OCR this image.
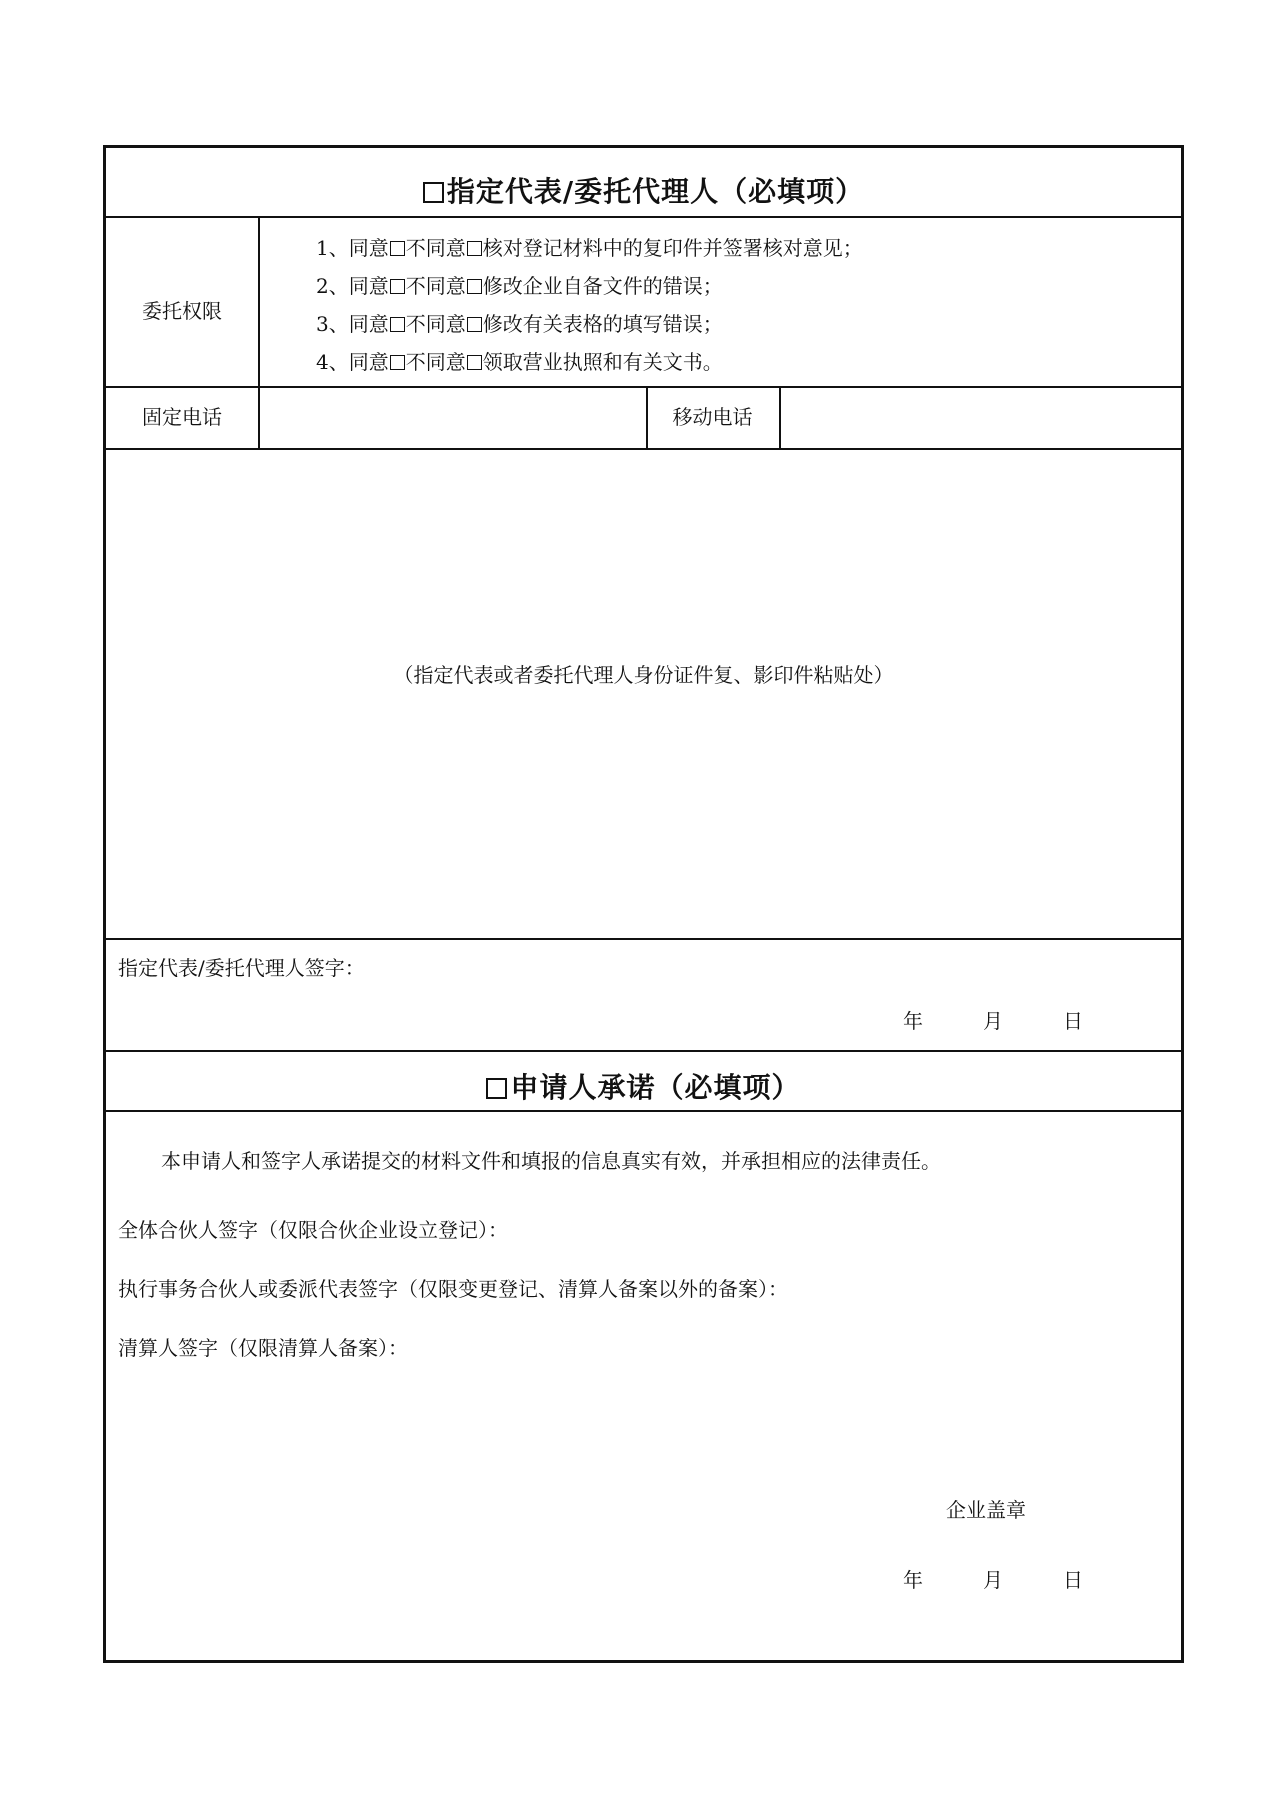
指定代表/委托代理人（必填项）
委托权限
1、同意 不同意 核对登记材料中的复印件并签署核对意见；
2、同意 不同意 修改企业自备文件的错误；
3、同意 不同意 修改有关表格的填写错误；
4、同意 不同意 领取营业执照和有关文书。
固定电话	移动电话
（指定代表或者委托代理人身份证件复、影印件粘贴处）
指定代表/委托代理人签字：
年	月	日
申请人承诺（必填项）
本申请人和签字人承诺提交的材料文件和填报的信息真实有效，并承担相应的法律责任。
全体合伙人签字（仅限合伙企业设立登记）：
执行事务合伙人或委派代表签字（仅限变更登记、清算人备案以外的备案）：
清算人签字（仅限清算人备案）：
企业盖章
年	月	日
